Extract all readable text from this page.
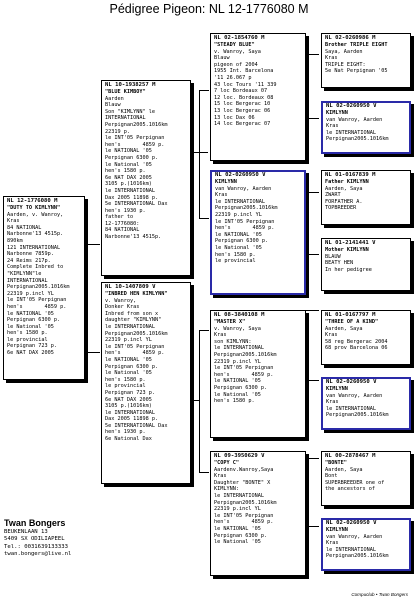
Pédigree Pigeon: NL 12-1776080 M
NL 12-1776080 M
"DUTY TO KIMLYNN"
Aarden, v. Wanroy,
Kras
84 NATIONAL
Narbonne'13 4515p.
890km
121 INTERNATIONAL
Narbonne 7859p.
24 Reims 217p.
Complete Inbred to
"KIMLYNN"le
INTERNATIONAL
Perpignan2005.1016km
22319 p.incl YL
le INT'05 Perpignan
hen's       4859 p.
le NATIONAL '05
Perpignan 6300 p.
le National '05
hen's 1580 p.
le provincial
Perpignan 723 p.
6e NAT DAX 2005
NL 10-1938257 M
"BLUE KIMBOY"
Aarden
Blauw
Son "KIMLYNN" le
INTERNATIONAL
Perpignan2005.1016km
22319 p.
le INT'05 Perpignan
hen's       4859 p.
le NATIONAL '05
Perpignan 6300 p.
le National '05
hen's 1580 p.
6e NAT DAX 2005
3105 p.(1016km)
le INTERNATIONAL
Dax 2005 11898 p.
5e INTERNATIONAL Dax
hen's 1930 p.
father to
12-1776080:
84 NATIONAL
Narbonne'13 4515p.
NL 10-1407809 V
"INBRED HEN KIMLYNN"
v. Wanroy,
Donker Kras
Inbred from son x
daughter "KIMLYNN"
le INTERNATIONAL
Perpignan2005.1016km
22319 p.incl YL
le INT'05 Perpignan
hen's       4859 p.
le NATIONAL '05
Perpignan 6300 p.
le National '05
hen's 1580 p.
le provincial
Perpignan 723 p.
6e NAT DAX 2005
3105 p.(1016km)
le INTERNATIONAL
Dax 2005 11898 p.
5e INTERNATIONAL Dax
hen's 1930 p.
6e National Dax
NL 02-1854760 M
"STEADY BLUE"
v. Wanroy, Saya
Blauw
pigeon of 2004
1955 Int. Barcelona
'11 26.067 p
43 loc Tours '11 339
7 loc Bordeaux 07
12 loc. Bordeaux 08
15 loc Bergerac 10
13 loc Bergerac 06
13 loc Dax 06
14 loc Bergerac 07
NL 02-0260950 V
KIMLYNN
van Wanroy, Aarden
Kras
le INTERNATIONAL
Perpignan2005.1016km
22319 p.incl YL
le INT'05 Perpignan
hen's       4859 p.
le NATIONAL '05
Perpignan 6300 p.
le National '05
hen's 1580 p.
le provincial
NL 08-3840108 M
"MASTER X"
v. Wanroy, Saya
Kras
son KIMLYNN:
le INTERNATIONAL
Perpignan2005.1016km
22319 p.incl YL
le INT'05 Perpignan
hen's       4859 p.
le NATIONAL '05
Perpignan 6300 p.
le National '05
hen's 1580 p.
NL 09-3950629 V
"COPY C"
Aardenv.Wanroy,Saya
Kras
Daughter "BONTE" X
KIMLYNN:
le INTERNATIONAL
Perpignan2005.1016km
22319 p.incl YL
le INT'05 Perpignan
hen's       4859 p.
le NATIONAL '05
Perpignan 6300 p.
le National '05
NL 02-0260986 M
Brother TRIPLE EIGHT
Saya, Aarden
Kras
TRIPLE EIGHT:
5e Nat Perpignan '05
NL 02-0260950 V
KIMLYNN
van Wanroy, Aarden
Kras
le INTERNATIONAL
Perpignan2005.1016km
NL 01-0167839 M
Father KIMLYNN
Aarden, Saya
ZWART
FORFATHER A.
TOPBREEDER
NL 01-2141441 V
Mother KIMLYNN
BLAUW
BEATY HEN
In her pedigree
NL 01-0167797 M
"THREE OF A KIND"
Aarden, Saya
Kras
58 reg Bergerac 2004
68 prov Barcelona 06
NL 02-0260950 V
KIMLYNN
van Wanroy, Aarden
Kras
le INTERNATIONAL
Perpignan2005.1016km
NL 00-2878467 M
"BONTE"
Aarden, Saya
Bont
SUPERBREEDER one of
the ancestors of
NL 02-0260950 V
KIMLYNN
van Wanroy, Aarden
Kras
le INTERNATIONAL
Perpignan2005.1016km
Twan Bongers
BEUKENLAAN 13
5409 SX ODILIAPEEL
Tel.: 0031639133333
twan.bongers@live.nl
Compuclub • Twan Bongers
